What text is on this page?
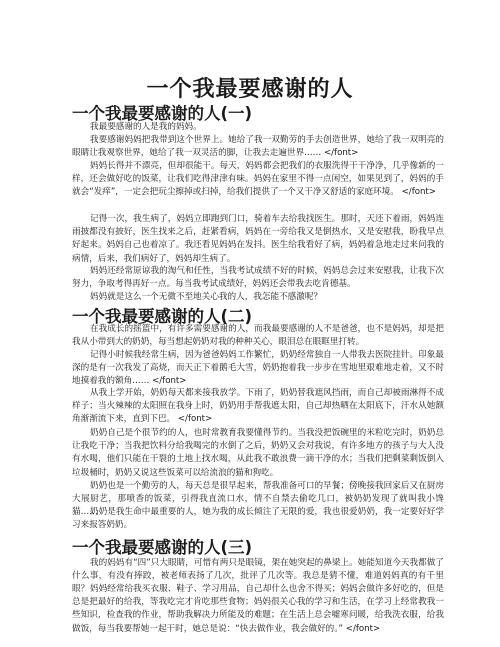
一个我最要感谢的人
一个我最要感谢的人(一)

我最要感谢的人是我的妈妈。

我要感谢妈妈把我带到这个世界上。她给了我一双勤劳的手去创造世界，她给了我一双明亮的眼睛让我观察世界，她给了我一双灵活的脚，让我去走遍世界…… </font>

妈妈长得并不漂亮，但却很能干。每天，妈妈都会把我们的衣服洗得干干净净，几乎像新的一样，还会做好吃的饭菜，让我们吃得津津有味。妈妈在家里不得一点闲空，如果见到了，妈妈的手就会“发痒”，一定会把玩尘擦掉或扫掉，给我们提供了一个又干净又舒适的家庭环境。 </font>

记得一次，我生病了，妈妈立即跑到门口，骑着车去给我找医生。那时，天还下着雨，妈妈连雨披都没有披好，医生找来之后，赶紧看病，妈妈在一旁给我又是倒热水，又是安慰我，盼我早点好起来。妈妈自己也着凉了。我还看见妈妈在发抖。医生给我看好了病，妈妈着急地走过来问我的病情，后来，我们病好了，妈妈却生病了。

妈妈还经常原谅我的淘气和任性，当我考试成绩不好的时候，妈妈总会过来安慰我，让我下次努力，争取考得再好一点。每当我考试成绩好，妈妈还会带我去吃肯德基。

妈妈就是这么一个无微不至地关心我的人，我怎能不感激呢？

一个我最要感谢的人(二)

在我成长的摇篮中，有许多需要感谢的人，而我最要感谢的人不是爸爸，也不是妈妈，却是把我从小带到大的奶奶，每当想起奶奶对我的种种关心，眼泪总在眼眶里打转。

记得小时候我经常生病，因为爸爸妈妈工作繁忙，奶奶经常独自一人带我去医院挂针。印象最深的是有一次我发了高烧，而天正下着鹅毛大雪，奶奶抱着我一步步在雪地里艰难地走着，又不时地摸着我的额角…… </font>

从我上学开始，奶奶每天都来接我放学。下雨了，奶奶替我遮风挡雨，而自己却被雨淋得不成样子；当火辣辣的太阳照在我身上时，奶奶用手帮我遮太阳，自己却热晒在太阳底下，汗水从她额角渐渐流下来，直到下巴。 </font>

奶奶自己是个很节约的人，也时常教育我要懂得节约。当我没把饭碗里的米粒吃完时，奶奶总让我吃干净；当我把饮料分给我喝完的水倒了之后，奶奶又会对我说，有许多地方的孩子与大人没有水喝，他们只能在干裂的土地上找水喝，从此我不敢浪费一滴干净的水；当我们把剩菜剩饭倒入垃圾桶时，奶奶又说这些饭菜可以给流浪的猫和狗吃。

奶奶也是一个勤劳的人，每天总是很早起来，帮我准备可口的早餐；傍晚接我回家后又在厨房大展厨艺，那喷香的饭菜，引得我直流口水，情不自禁去偷吃几口，被奶奶发现了就叫我小馋猫……

奶奶是我生命中最重要的人，她为我的成长倾注了无限的爱，我也很爱奶奶，我一定要好好学习来报答奶奶。

一个我最要感谢的人(三)

我的妈妈有“四”只大眼睛，可惜有两只是眼镜，架在她突起的鼻梁上。她能知道今天我都做了什么事，有没有捧跤，被老师表扬了几次，批评了几次等。我总是猜不懂，难道妈妈真的有千里眼？ 妈妈经常给我买衣服、鞋子、学习用品，自己却什么也舍不得买；妈妈会做许多好吃的，但是总是把最好的给我，等我吃完才肯吃那些食物；妈妈很关心我的学习和生活，在学习上经常教我一些知识，检查我的作业，帮助我解决力所能及的难题；在生活上总会嘘寒问暖，给我洗衣服，给我做饭，每当我要帮她一起干时，她总是说：“快去做作业，我会做好的。” </font>
